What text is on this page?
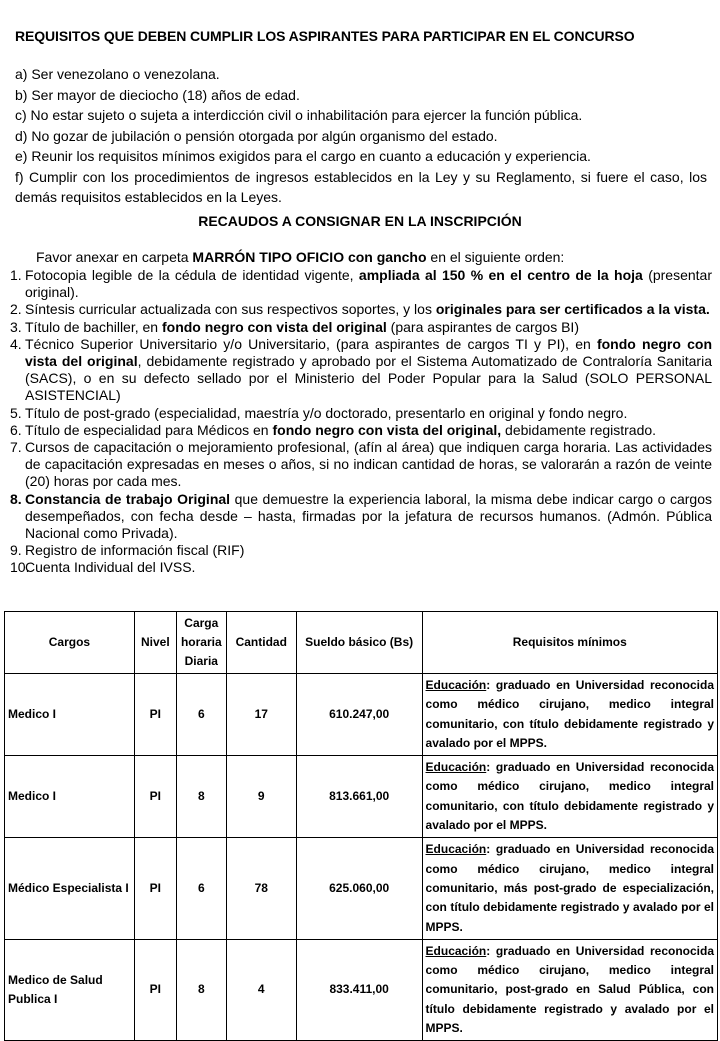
REQUISITOS QUE DEBEN CUMPLIR LOS ASPIRANTES PARA PARTICIPAR EN EL CONCURSO

a) Ser venezolano o venezolana.

b) Ser mayor de dieciocho (18) años de edad.

c) No estar sujeto o sujeta a interdicción civil o inhabilitación para ejercer la función pública.

d) No gozar de jubilación o pensión otorgada por algún organismo del estado.

e) Reunir los requisitos mínimos exigidos para el cargo en cuanto a educación y experiencia.

f) Cumplir con los procedimientos de ingresos establecidos en la Ley y su Reglamento, si fuere el caso, los demás requisitos establecidos en la Leyes.

RECAUDOS A CONSIGNAR EN LA INSCRIPCIÓN
Favor anexar en carpeta MARRÓN TIPO OFICIO con gancho en el siguiente orden:
1. Fotocopia legible de la cédula de identidad vigente, ampliada al 150 % en el centro de la hoja (presentar original).
2. Síntesis curricular actualizada con sus respectivos soportes, y los originales para ser certificados a la vista.
3. Título de bachiller, en fondo negro con vista del original (para aspirantes de cargos BI)
4. Técnico Superior Universitario y/o Universitario, (para aspirantes de cargos TI y PI), en fondo negro con vista del original, debidamente registrado y aprobado por el Sistema Automatizado de Contraloría Sanitaria (SACS), o en su defecto sellado por el Ministerio del Poder Popular para la Salud (SOLO PERSONAL ASISTENCIAL)
5. Título de post-grado (especialidad, maestría y/o doctorado, presentarlo en original y fondo negro.
6. Título de especialidad para Médicos en fondo negro con vista del original, debidamente registrado.
7. Cursos de capacitación o mejoramiento profesional, (afín al área) que indiquen carga horaria. Las actividades de capacitación expresadas en meses o años, si no indican cantidad de horas, se valorarán a razón de veinte (20) horas por cada mes.
8. Constancia de trabajo Original que demuestre la experiencia laboral, la misma debe indicar cargo o cargos desempeñados, con fecha desde – hasta, firmadas por la jefatura de recursos humanos. (Admón. Pública Nacional como Privada).
9. Registro de información fiscal (RIF)
10.
Cuenta Individual del IVSS.
Cargos	Nivel	Carga horaria Diaria	Cantidad	Sueldo básico (Bs)	Requisitos mínimos
Medico I	PI	6	17	610.247,00	Educación: graduado en Universidad reconocida como médico cirujano, medico integral comunitario, con título debidamente registrado y avalado por el MPPS.
Medico I	PI	8	9	813.661,00	Educación: graduado en Universidad reconocida como médico cirujano, medico integral comunitario, con título debidamente registrado y avalado por el MPPS.
Médico Especialista I	PI	6	78	625.060,00	Educación: graduado en Universidad reconocida como médico cirujano, medico integral comunitario, más post-grado de especialización, con título debidamente registrado y avalado por el MPPS.
Medico de Salud Publica I	PI	8	4	833.411,00	Educación: graduado en Universidad reconocida como médico cirujano, medico integral comunitario, post-grado en Salud Pública, con título debidamente registrado y avalado por el MPPS.
